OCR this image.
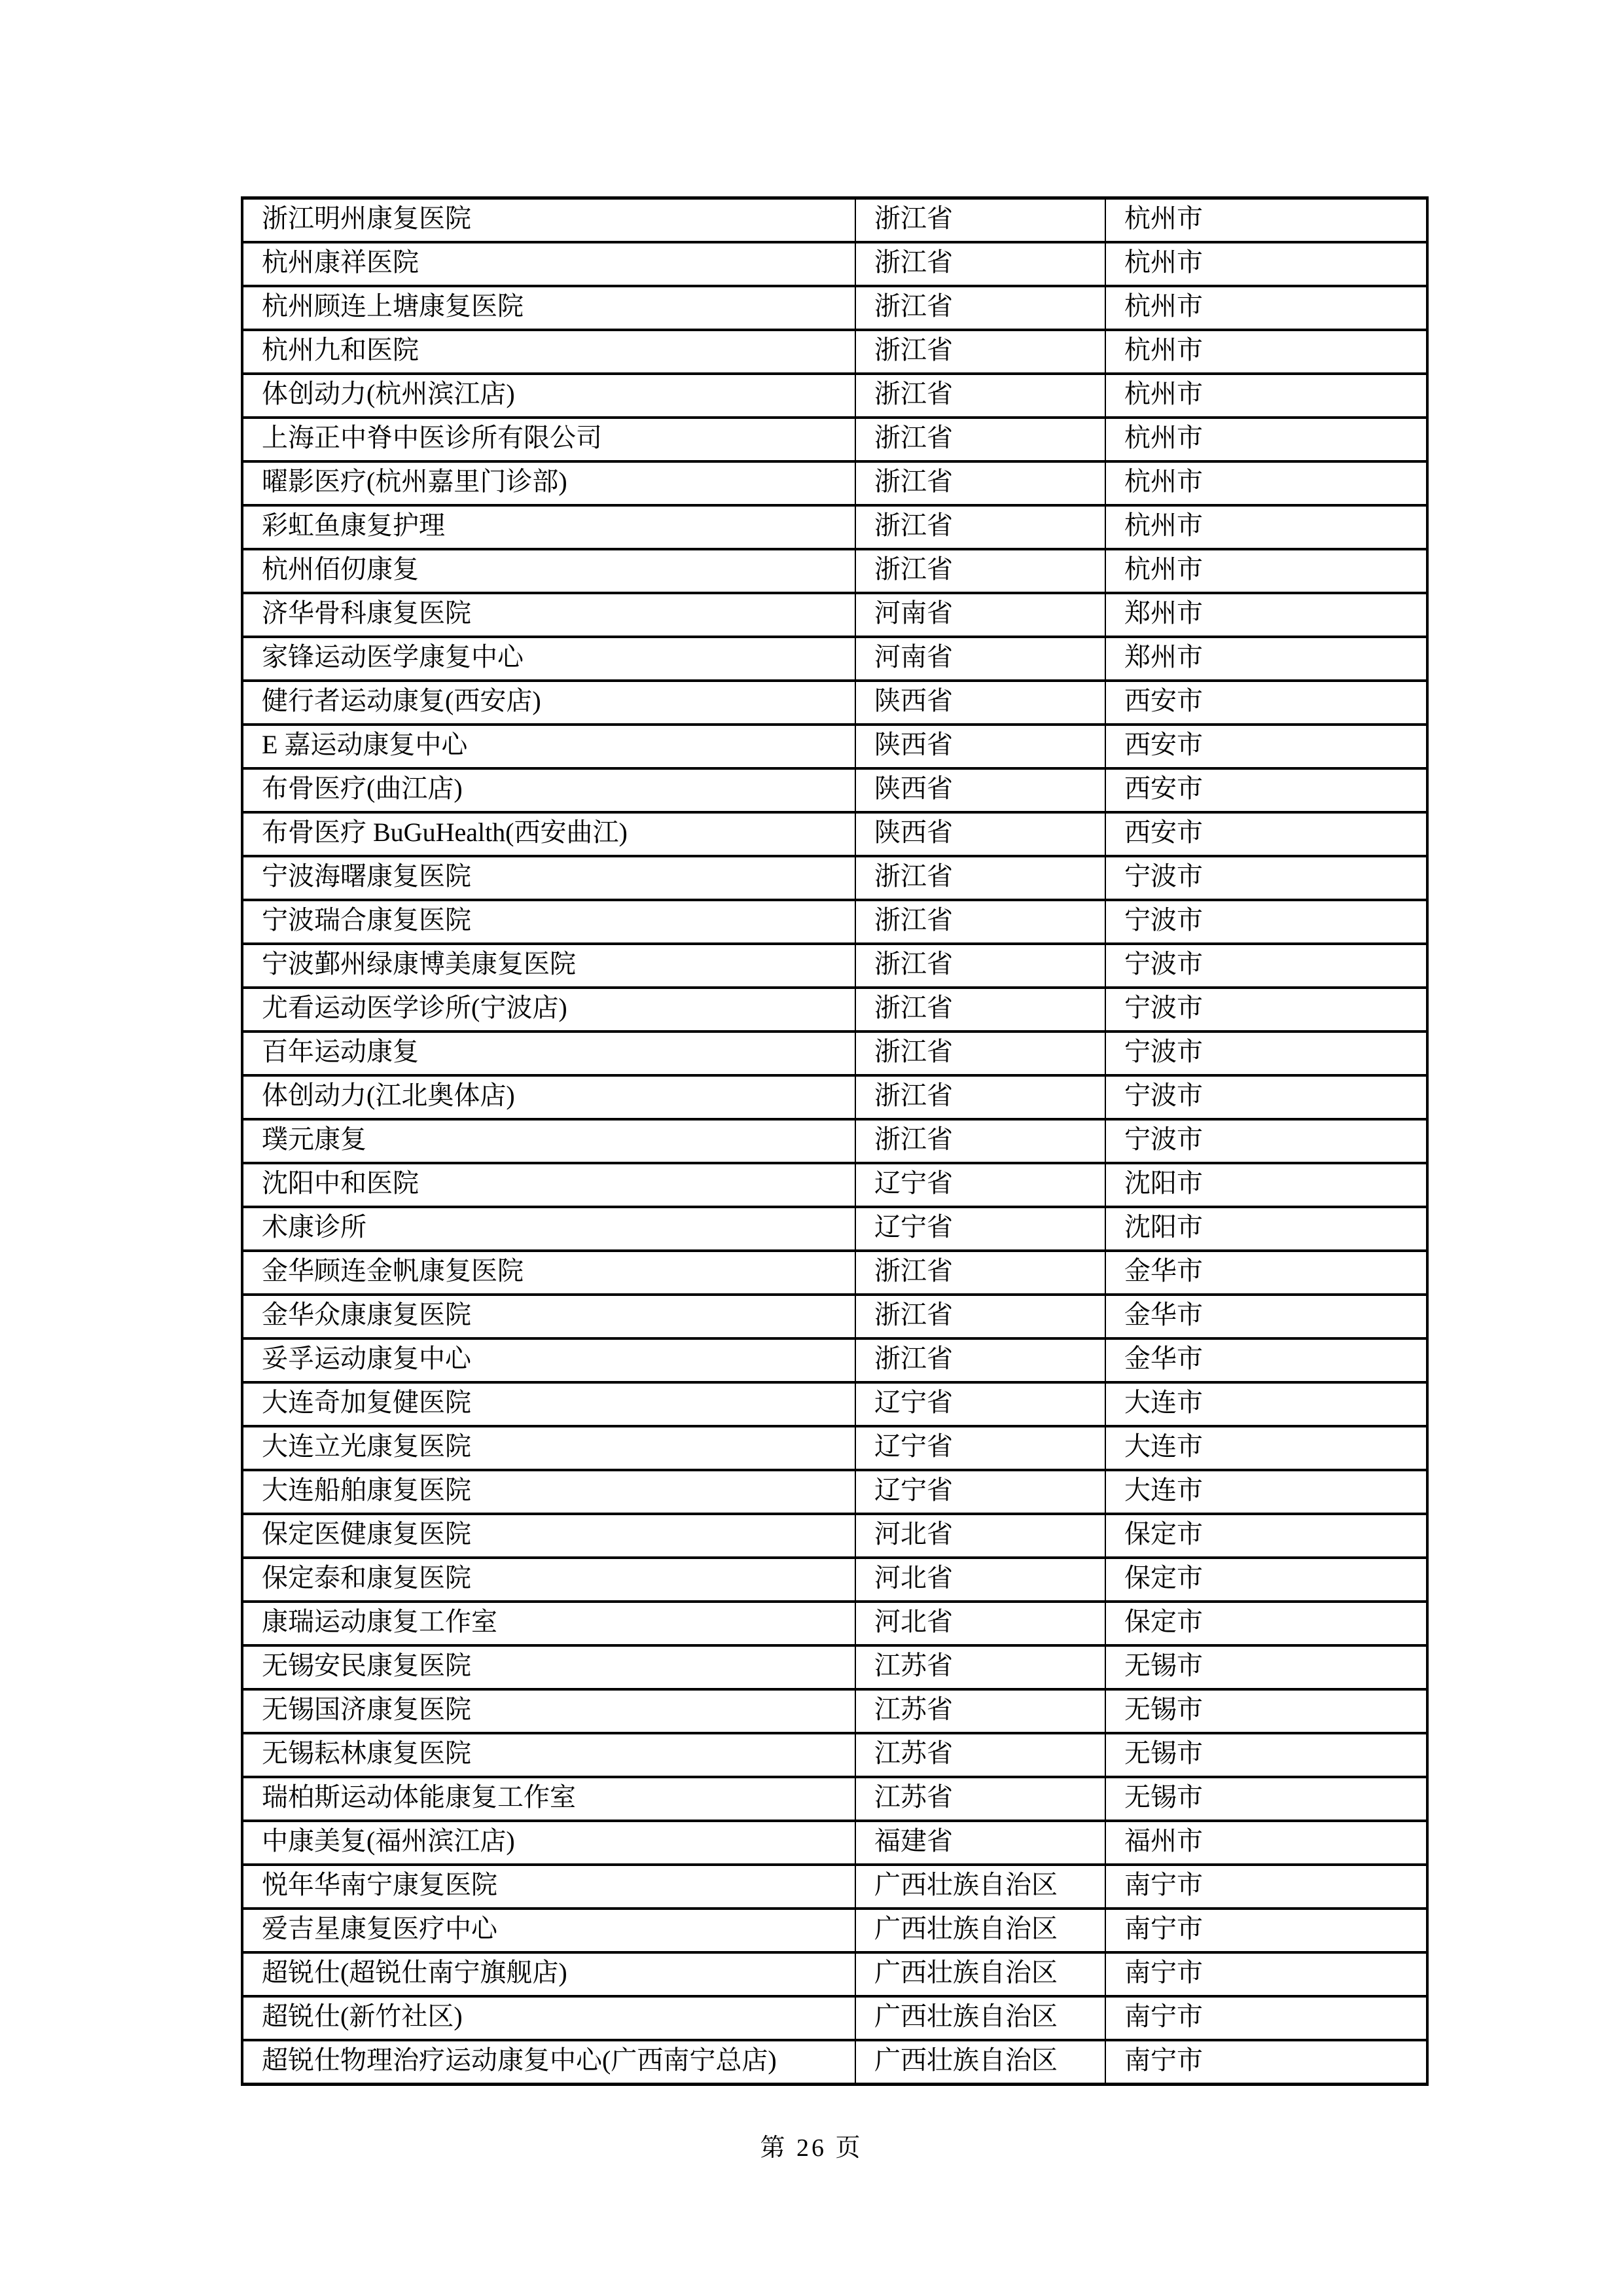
浙江明州康复医院	浙江省	杭州市
杭州康祥医院	浙江省	杭州市
杭州顾连上塘康复医院	浙江省	杭州市
杭州九和医院	浙江省	杭州市
体创动力(杭州滨江店)	浙江省	杭州市
上海正中脊中医诊所有限公司	浙江省	杭州市
曜影医疗(杭州嘉里门诊部)	浙江省	杭州市
彩虹鱼康复护理	浙江省	杭州市
杭州佰仞康复	浙江省	杭州市
济华骨科康复医院	河南省	郑州市
家锋运动医学康复中心	河南省	郑州市
健行者运动康复(西安店)	陕西省	西安市
E 嘉运动康复中心	陕西省	西安市
布骨医疗(曲江店)	陕西省	西安市
布骨医疗 BuGuHealth(西安曲江)	陕西省	西安市
宁波海曙康复医院	浙江省	宁波市
宁波瑞合康复医院	浙江省	宁波市
宁波鄞州绿康博美康复医院	浙江省	宁波市
尤看运动医学诊所(宁波店)	浙江省	宁波市
百年运动康复	浙江省	宁波市
体创动力(江北奥体店)	浙江省	宁波市
璞元康复	浙江省	宁波市
沈阳中和医院	辽宁省	沈阳市
术康诊所	辽宁省	沈阳市
金华顾连金帆康复医院	浙江省	金华市
金华众康康复医院	浙江省	金华市
妥孚运动康复中心	浙江省	金华市
大连奇加复健医院	辽宁省	大连市
大连立光康复医院	辽宁省	大连市
大连船舶康复医院	辽宁省	大连市
保定医健康复医院	河北省	保定市
保定泰和康复医院	河北省	保定市
康瑞运动康复工作室	河北省	保定市
无锡安民康复医院	江苏省	无锡市
无锡国济康复医院	江苏省	无锡市
无锡耘林康复医院	江苏省	无锡市
瑞柏斯运动体能康复工作室	江苏省	无锡市
中康美复(福州滨江店)	福建省	福州市
悦年华南宁康复医院	广西壮族自治区	南宁市
爱吉星康复医疗中心	广西壮族自治区	南宁市
超锐仕(超锐仕南宁旗舰店)	广西壮族自治区	南宁市
超锐仕(新竹社区)	广西壮族自治区	南宁市
超锐仕物理治疗运动康复中心(广西南宁总店)	广西壮族自治区	南宁市
第 26 页
